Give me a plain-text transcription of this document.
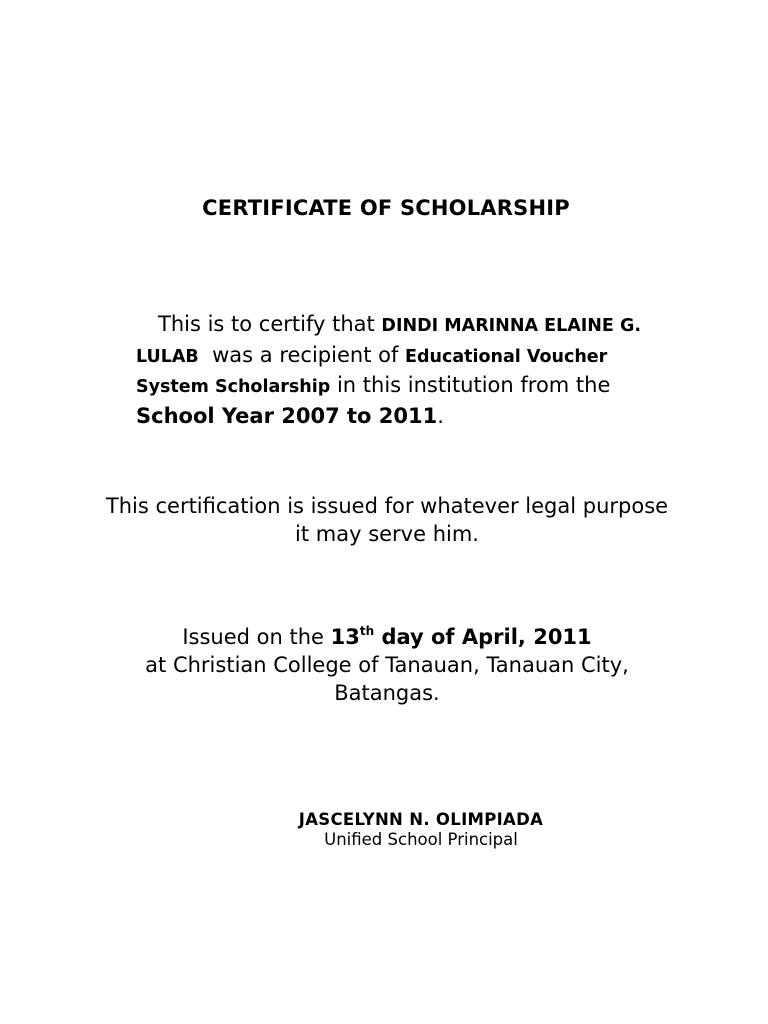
CERTIFICATE OF SCHOLARSHIP

This is to certify that DINDI MARINNA ELAINE G. LULAB  was a recipient of Educational Voucher System Scholarship in this institution from the School Year 2007 to 2011.

This certification is issued for whatever legal purpose it may serve him.

Issued on the 13th day of April, 2011
at Christian College of Tanauan, Tanauan City, Batangas.

JASCELYNN N. OLIMPIADA
Unified School Principal
